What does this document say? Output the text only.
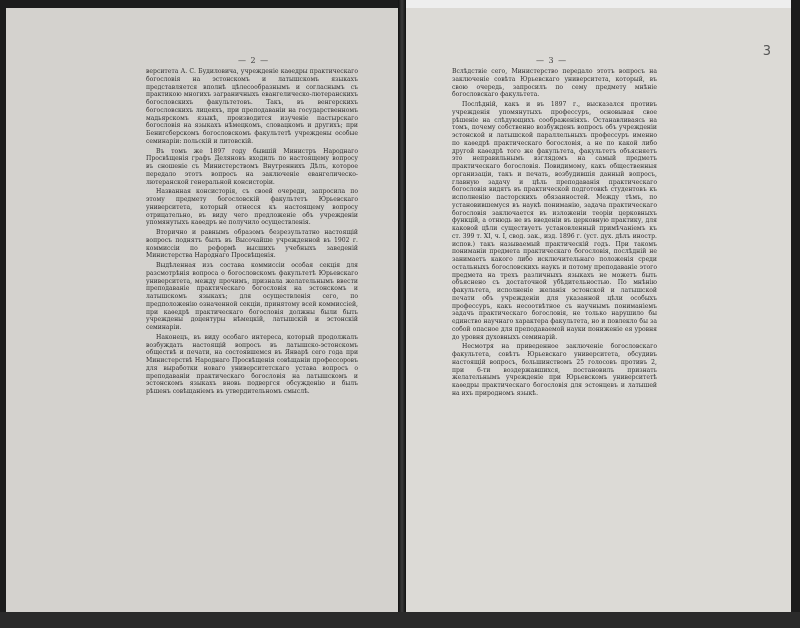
— 2 —

верситета А. С. Будиловича, учрежденіе каѳедры практическаго богословія на эстонскомъ и латышскомъ языкахъ представляется вполнѣ цѣлесообразнымъ и согласнымъ съ практикою многихъ заграничныхъ евангелическо-лютеранскихъ богословскихъ факультетовъ. Такъ, въ венгерскихъ богословскихъ лицеяхъ, при преподаваніи на государственномъ мадьярскомъ языкѣ, производится изученіе пастырскаго богословія на языкахъ нѣмецкомъ, словацкомъ и другихъ; при Бенигсберскомъ богословскомъ факультетѣ учреждены особые семинаріи: польскій и литовскій.

Въ томъ же 1897 году бывшій Министръ Народнаго Просвѣщенія графъ Деляновъ входилъ по настоящему вопросу въ сношеніе съ Министерствомъ Внутреннихъ Дѣлъ, которое передало этотъ вопросъ на заключеніе евангелическо-лютеранской генеральной консисторіи.

Названная консисторія, съ своей очереди, запросила по этому предмету богословскій факультетъ Юрьевскаго университета, который отнесся къ настоящему вопросу отрицательно, въ виду чего предложеніе объ учрежденіи упомянутыхъ каѳедръ не получило осуществленія.

Вторично и равнымъ образомъ безрезультатно настоящій вопросъ поднятъ былъ въ Высочайше учрежденной въ 1902 г. коммиссіи по реформѣ высшихъ учебныхъ заведеній Министерства Народнаго Просвѣщенія.

Выдѣленная изъ состава коммиссіи особая секція для разсмотрѣнія вопроса о богословскомъ факультетѣ Юрьевскаго университета, между прочимъ, признала желательнымъ ввести преподаваніе практическаго богословія на эстонскомъ и латышскомъ языкахъ; для осуществленія сего, по предположенію означенной секціи, принятому всей коммиссіей, при каѳедрѣ практическаго богословія должны были быть учреждены доцентуры нѣмецкій, латышскій и эстонскій семинаріи.

Наконецъ, въ виду особаго интереса, который продолжалъ возбуждать настоящій вопросъ въ латышско-эстонскомъ обществѣ и печати, на состоявшемся въ Январѣ сего года при Министерствѣ Народнаго Просвѣщенія совѣщаніи профессоровъ для выработки новаго университетскаго устава вопросъ о преподаваніи практическаго богословія на латышскомъ и эстонскомъ языкахъ вновь подвергся обсужденію и былъ рѣшенъ совѣщаніемъ въ утвердительномъ смыслѣ.

— 3 —
3

Вслѣдствіе сего, Министерство передало этотъ вопросъ на заключеніе совѣта Юрьевскаго университета, который, въ свою очередь, запросилъ по сему предмету мнѣніе богословскаго факультета.

Послѣдній, какъ и въ 1897 г., высказался противъ учрежденія упомянутыхъ профессуръ, основывая свое рѣшеніе на слѣдующихъ соображеніяхъ. Останавливаясь на томъ, почему собственно возбужденъ вопросъ объ учрежденіи эстонской и латышской параллельныхъ профессуръ именно по каѳедрѣ практическаго богословія, а не по какой либо другой каѳедрѣ того же факультета, факультетъ объясняетъ это неправильнымъ взглядомъ на самый предметъ практическаго богословія. Повидимому, какъ общественныя организаціи, такъ и печать, возбудившія данный вопросъ, главную задачу и цѣль преподаванія практическаго богословія видятъ въ практической подготовкѣ студентовъ къ исполненію пасторскихъ обязанностей. Между тѣмъ, по установившемуся въ наукѣ пониманію, задача практическаго богословія заключается въ изложеніи теоріи церковныхъ функцій, а отнюдь не въ введеніи въ церковную практику, для каковой цѣли существуетъ установленный примѣчаніемъ къ ст. 399 т. XI, ч. I, свод. зак., изд. 1896 г. (уст. дух. дѣлъ иностр. испов.) такъ называемый практическій годъ. При такомъ пониманіи предмета практическаго богословія, послѣдній не занимаетъ какого либо исключительнаго положенія среди остальныхъ богословскихъ наукъ и потому преподаваніе этого предмета на трехъ различныхъ языкахъ не можетъ быть объяснено съ достаточной убѣдительностью. По мнѣнію факультета, исполненіе желанія эстонской и латышской печати объ учрежденіи для указанной цѣли особыхъ профессуръ, какъ несоотвѣтное съ научнымъ пониманіемъ задачъ практическаго богословія, не только нарушило бы единство научнаго характера факультета, но и повлекло бы за собой опасное для преподаваемой науки пониженіе ея уровня до уровня духовныхъ семинарій.

Несмотря на приведенное заключеніе богословскаго факультета, совѣтъ Юрьевскаго университета, обсудивъ настоящій вопросъ, большинствомъ 25 голосовъ противъ 2, при 6-ти воздержавшихся, постановилъ признать желательнымъ учрежденіе при Юрьевскомъ университетѣ каѳедры практическаго богословія для эстонцевъ и латышей на ихъ природномъ языкѣ.
